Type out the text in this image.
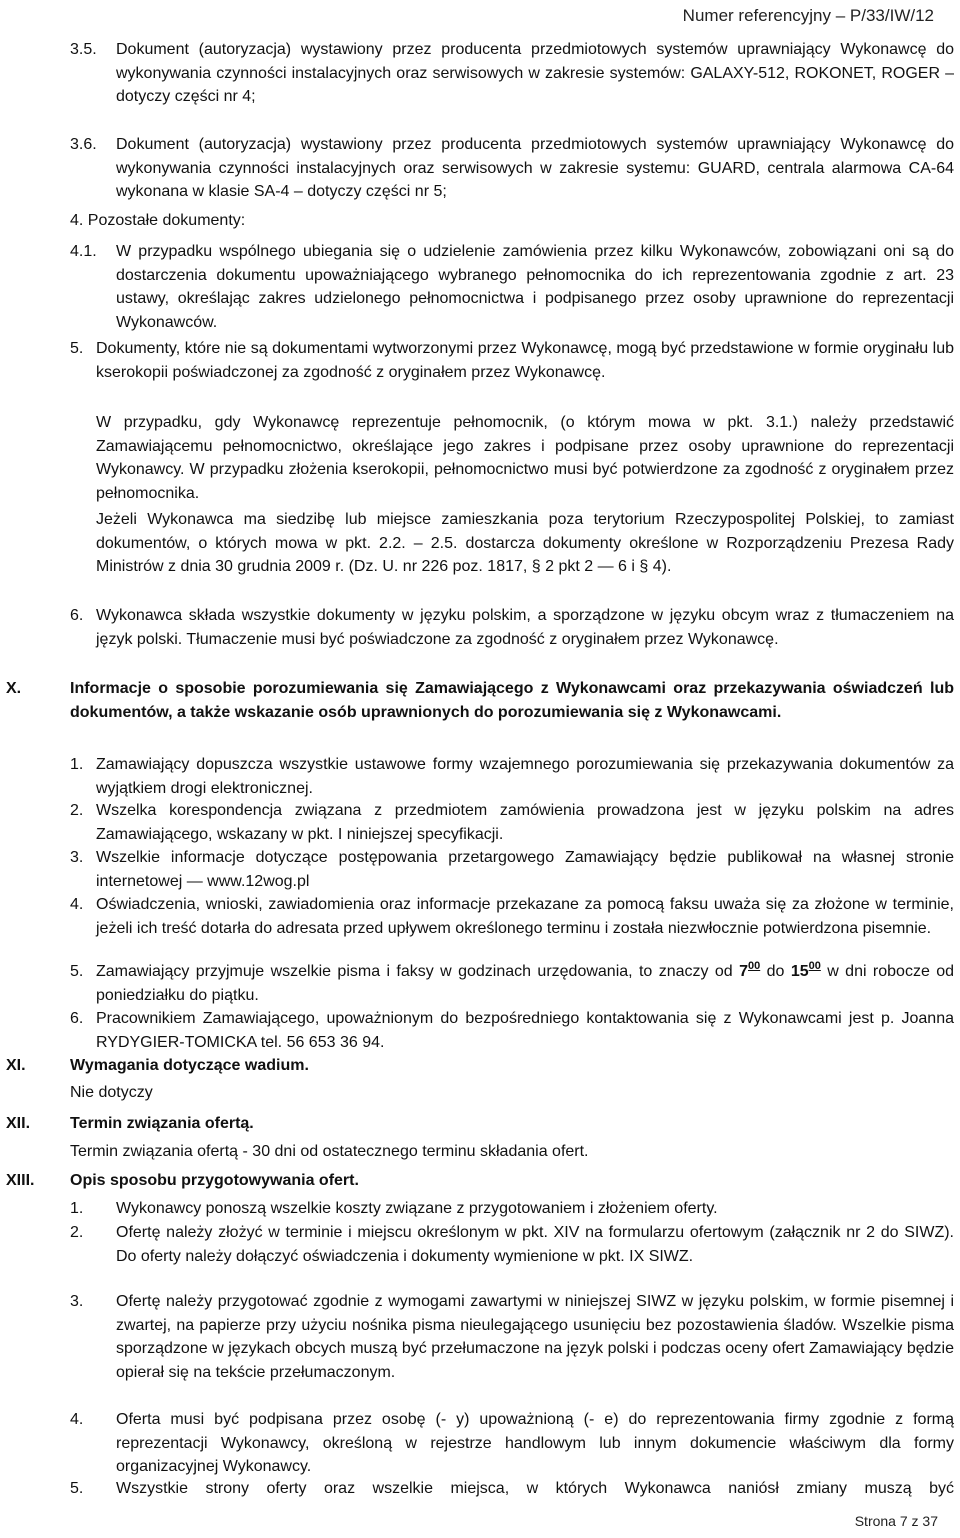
Numer referencyjny – P/33/IW/12
3.5. Dokument (autoryzacja) wystawiony przez producenta przedmiotowych systemów uprawniający Wykonawcę do wykonywania czynności instalacyjnych oraz serwisowych w zakresie systemów: GALAXY-512, ROKONET, ROGER – dotyczy części nr 4;
3.6. Dokument (autoryzacja) wystawiony przez producenta przedmiotowych systemów uprawniający Wykonawcę do wykonywania czynności instalacyjnych oraz serwisowych w zakresie systemu: GUARD, centrala alarmowa CA-64 wykonana w klasie SA-4 – dotyczy części nr 5;
4. Pozostałe dokumenty:
4.1. W przypadku wspólnego ubiegania się o udzielenie zamówienia przez kilku Wykonawców, zobowiązani oni są do dostarczenia dokumentu upoważniającego wybranego pełnomocnika do ich reprezentowania zgodnie z art. 23 ustawy, określając zakres udzielonego pełnomocnictwa i podpisanego przez osoby uprawnione do reprezentacji Wykonawców.
5. Dokumenty, które nie są dokumentami wytworzonymi przez Wykonawcę, mogą być przedstawione w formie oryginału lub kserokopii poświadczonej za zgodność z oryginałem przez Wykonawcę.
W przypadku, gdy Wykonawcę reprezentuje pełnomocnik, (o którym mowa w pkt. 3.1.) należy przedstawić Zamawiającemu pełnomocnictwo, określające jego zakres i podpisane przez osoby uprawnione do reprezentacji Wykonawcy. W przypadku złożenia kserokopii, pełnomocnictwo musi być potwierdzone za zgodność z oryginałem przez pełnomocnika.
Jeżeli Wykonawca ma siedzibę lub miejsce zamieszkania poza terytorium Rzeczypospolitej Polskiej, to zamiast dokumentów, o których mowa w pkt. 2.2. – 2.5. dostarcza dokumenty określone w Rozporządzeniu Prezesa Rady Ministrów z dnia 30 grudnia 2009 r. (Dz. U. nr 226 poz. 1817, § 2 pkt 2 — 6 i § 4).
6. Wykonawca składa wszystkie dokumenty w języku polskim, a sporządzone w języku obcym wraz z tłumaczeniem na język polski. Tłumaczenie musi być poświadczone za zgodność z oryginałem przez Wykonawcę.
X.	Informacje o sposobie porozumiewania się Zamawiającego z Wykonawcami oraz przekazywania oświadczeń lub dokumentów, a także wskazanie osób uprawnionych do porozumiewania się z Wykonawcami.
1. Zamawiający dopuszcza wszystkie ustawowe formy wzajemnego porozumiewania się przekazywania dokumentów za wyjątkiem drogi elektronicznej.
2. Wszelka korespondencja związana z przedmiotem zamówienia prowadzona jest w języku polskim na adres Zamawiającego, wskazany w pkt. I niniejszej specyfikacji.
3. Wszelkie informacje dotyczące postępowania przetargowego Zamawiający będzie publikował na własnej stronie internetowej — www.12wog.pl
4. Oświadczenia, wnioski, zawiadomienia oraz informacje przekazane za pomocą faksu uważa się za złożone w terminie, jeżeli ich treść dotarła do adresata przed upływem określonego terminu i została niezwłocznie potwierdzona pisemnie.
5. Zamawiający przyjmuje wszelkie pisma i faksy w godzinach urzędowania, to znaczy od $7^{00}$ do $15^{00}$ w dni robocze od poniedziałku do piątku.
6. Pracownikiem Zamawiającego, upoważnionym do bezpośredniego kontaktowania się z Wykonawcami jest p. Joanna RYDYGIER-TOMICKA tel. 56 653 36 94.
XI.	Wymagania dotyczące wadium.
Nie dotyczy
XII. Termin związania ofertą.
Termin związania ofertą - 30 dni od ostatecznego terminu składania ofert.
XIII. Opis sposobu przygotowywania ofert.
1. Wykonawcy ponoszą wszelkie koszty związane z przygotowaniem i złożeniem oferty.
2. Ofertę należy złożyć w terminie i miejscu określonym w pkt. XIV na formularzu ofertowym (załącznik nr 2 do SIWZ). Do oferty należy dołączyć oświadczenia i dokumenty wymienione w pkt. IX SIWZ.
3. Ofertę należy przygotować zgodnie z wymogami zawartymi w niniejszej SIWZ w języku polskim, w formie pisemnej i zwartej, na papierze przy użyciu nośnika pisma nieulegającego usunięciu bez pozostawienia śladów. Wszelkie pisma sporządzone w językach obcych muszą być przełumaczone na język polski i podczas oceny ofert Zamawiający będzie opierał się na tekście przełumaczonym.
4. Oferta musi być podpisana przez osobę (- y) upoważnioną (- e) do reprezentowania firmy zgodnie z formą reprezentacji Wykonawcy, określoną w rejestrze handlowym lub innym dokumencie właściwym dla formy organizacyjnej Wykonawcy.
5. Wszystkie strony oferty oraz wszelkie miejsca, w których Wykonawca naniósł zmiany muszą być
Strona 7 z 37
